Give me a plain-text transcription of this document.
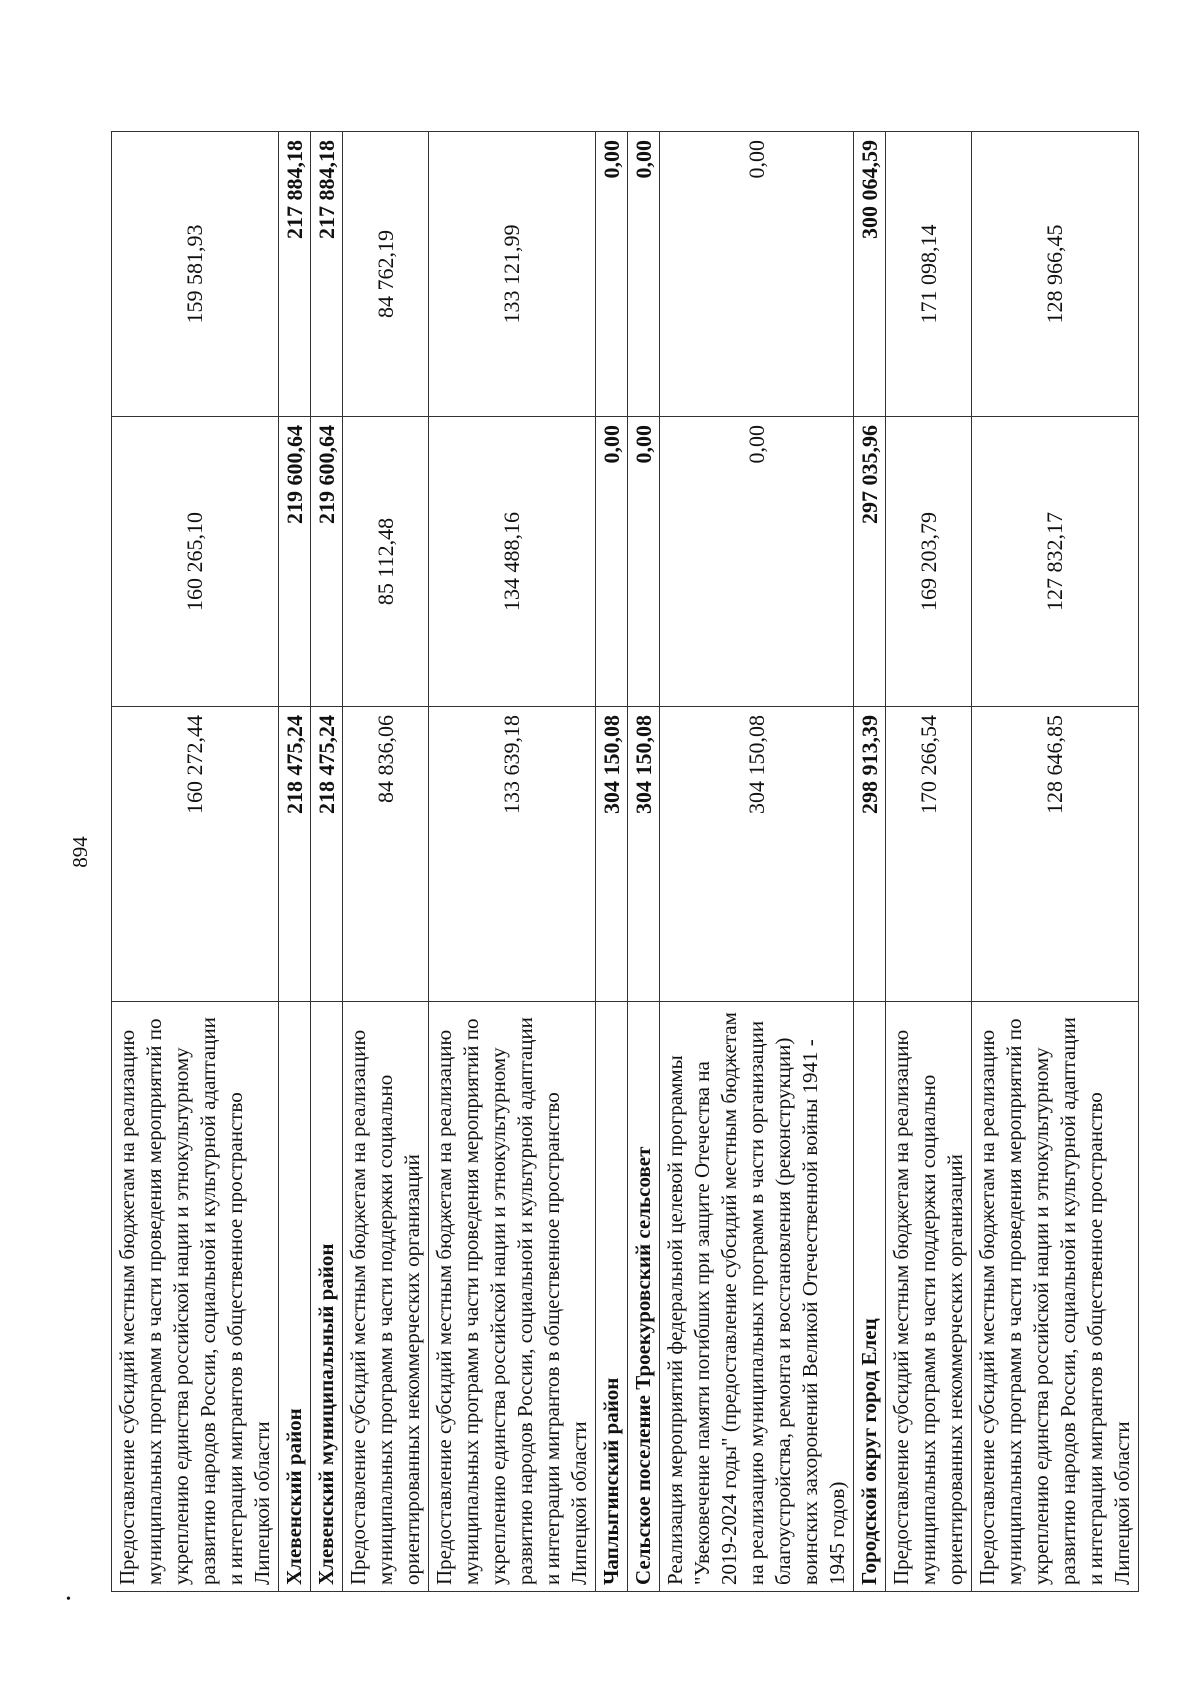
894
•
Предоставление субсидий местным бюджетам на реализацию муниципальных программ в части проведения мероприятий по укреплению единства российской нации и этнокультурному развитию народов России, социальной и культурной адаптации и интеграции мигрантов в общественное пространство Липецкой области	160 272,44	160 265,10	159 581,93
Хлевенский район	218 475,24	219 600,64	217 884,18
Хлевенский муниципальный район	218 475,24	219 600,64	217 884,18
Предоставление субсидий местным бюджетам на реализацию муниципальных программ в части поддержки социально ориентированных некоммерческих организаций	84 836,06	85 112,48	84 762,19
Предоставление субсидий местным бюджетам на реализацию муниципальных программ в части проведения мероприятий по укреплению единства российской нации и этнокультурному развитию народов России, социальной и культурной адаптации и интеграции мигрантов в общественное пространство Липецкой области	133 639,18	134 488,16	133 121,99
Чаплыгинский район	304 150,08	0,00	0,00
Сельское поселение Троекуровский сельсовет	304 150,08	0,00	0,00
Реализация мероприятий федеральной целевой программы "Увековечение памяти погибших при защите Отечества на 2019-2024 годы" (предоставление субсидий местным бюджетам на реализацию муниципальных программ в части организации благоустройства, ремонта и восстановления (реконструкции) воинских захоронений Великой Отечественной войны 1941 - 1945 годов)	304 150,08	0,00	0,00
Городской округ город Елец	298 913,39	297 035,96	300 064,59
Предоставление субсидий местным бюджетам на реализацию муниципальных программ в части поддержки социально ориентированных некоммерческих организаций	170 266,54	169 203,79	171 098,14
Предоставление субсидий местным бюджетам на реализацию муниципальных программ в части проведения мероприятий по укреплению единства российской нации и этнокультурному развитию народов России, социальной и культурной адаптации и интеграции мигрантов в общественное пространство Липецкой области	128 646,85	127 832,17	128 966,45
